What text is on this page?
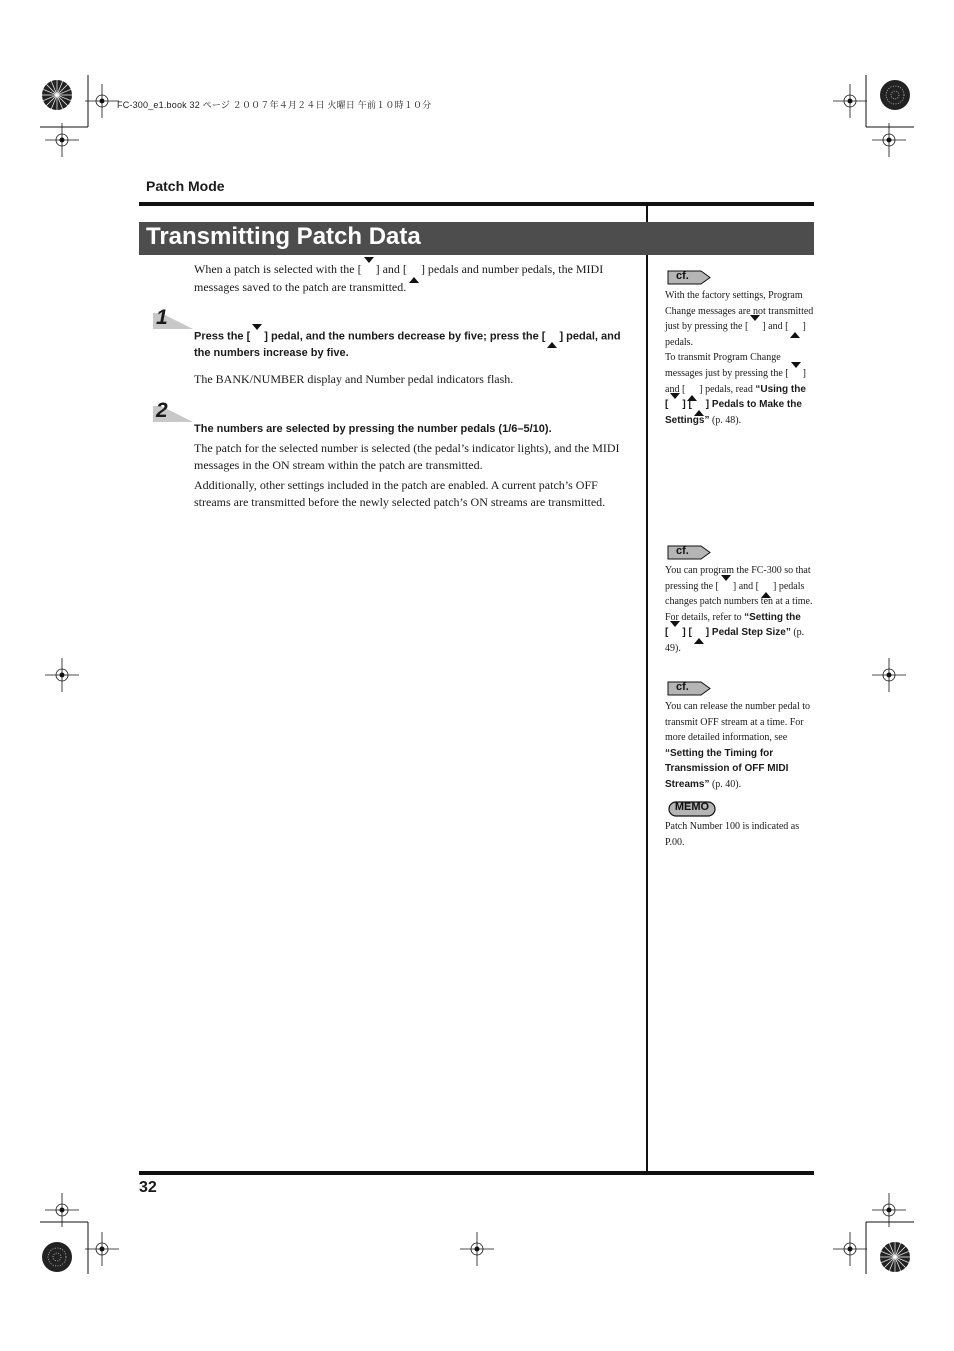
FC-300_e1.book 32 ページ ２００７年４月２４日 火曜日 午前１０時１０分
Patch Mode
Transmitting Patch Data
When a patch is selected with the [ ] and [ ] pedals and number pedals, the MIDI messages saved to the patch are transmitted.
1
Press the [ ] pedal, and the numbers decrease by five; press the [ ] pedal, and the numbers increase by five.
The BANK/NUMBER display and Number pedal indicators flash.
2
The numbers are selected by pressing the number pedals (1/6–5/10).
The patch for the selected number is selected (the pedal’s indicator lights), and the MIDI messages in the ON stream within the patch are transmitted.
Additionally, other settings included in the patch are enabled. A current patch’s OFF streams are transmitted before the newly selected patch’s ON streams are transmitted.
cf.
With the factory settings, Program Change messages are not transmitted just by pressing the [ ] and [ ] pedals.
To transmit Program Change messages just by pressing the [ ] and [ ] pedals, read “Using the [ ] [ ] Pedals to Make the Settings” (p. 48).
cf.
You can program the FC-300 so that pressing the [ ] and [ ] pedals changes patch numbers ten at a time. For details, refer to “Setting the [ ] [ ] Pedal Step Size” (p. 49).
cf.
You can release the number pedal to transmit OFF stream at a time. For more detailed information, see “Setting the Timing for Transmission of OFF MIDI Streams” (p. 40).
MEMO
Patch Number 100 is indicated as P.00.
32
